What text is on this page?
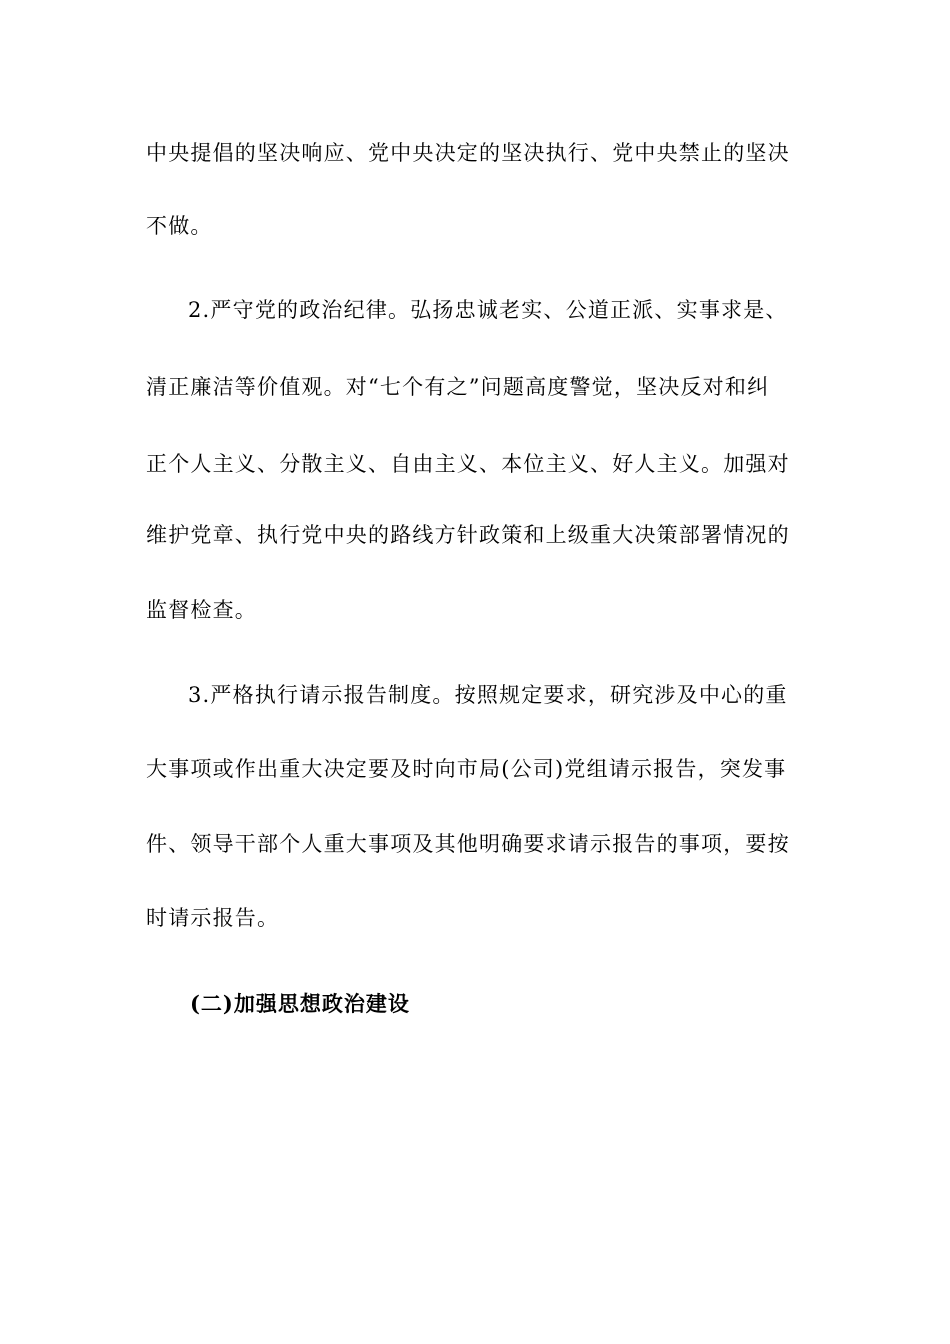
中央提倡的坚决响应、党中央决定的坚决执行、党中央禁止的坚决
不做。
2.严守党的政治纪律。弘扬忠诚老实、公道正派、实事求是、
清正廉洁等价值观。对“七个有之”问题高度警觉，坚决反对和纠
正个人主义、分散主义、自由主义、本位主义、好人主义。加强对
维护党章、执行党中央的路线方针政策和上级重大决策部署情况的
监督检查。
3.严格执行请示报告制度。按照规定要求，研究涉及中心的重
大事项或作出重大决定要及时向市局(公司)党组请示报告，突发事
件、领导干部个人重大事项及其他明确要求请示报告的事项，要按
时请示报告。
(二)加强思想政治建设
